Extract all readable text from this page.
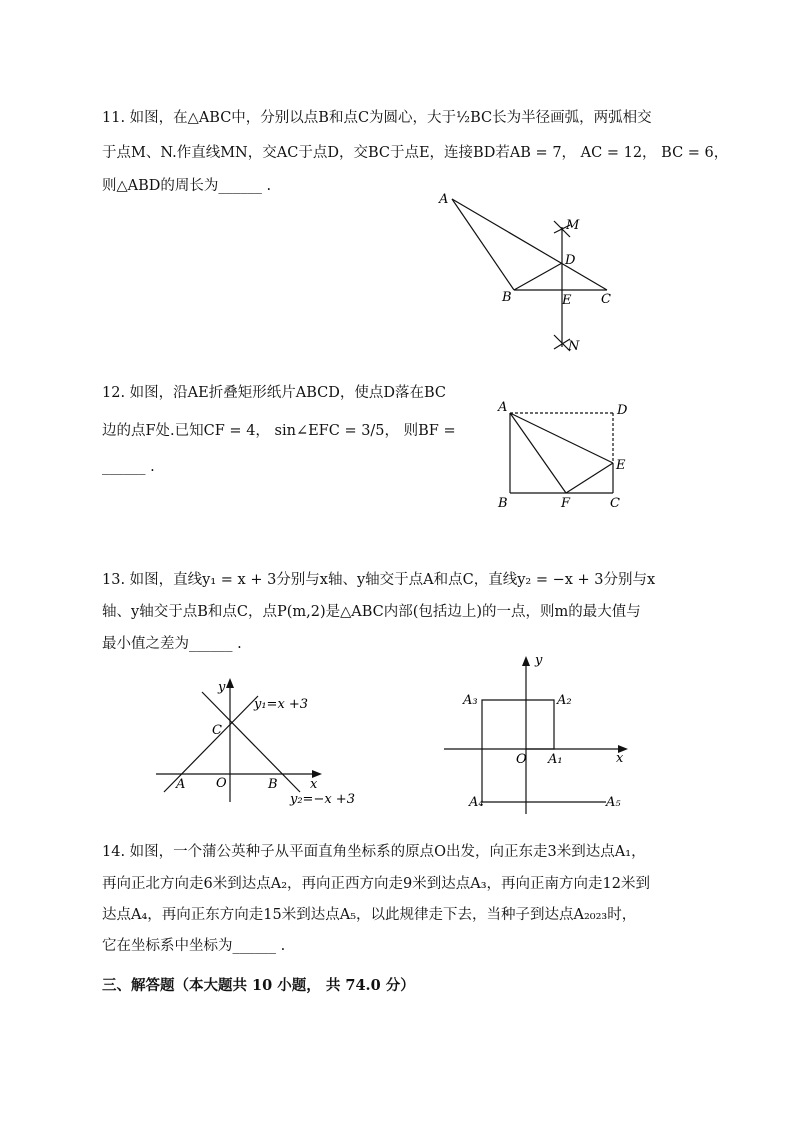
11. 如图，在△ABC中，分别以点B和点C为圆心，大于½BC长为半径画弧，两弧相交
于点M、N.作直线MN，交AC于点D，交BC于点E，连接BD若AB = 7， AC = 12， BC = 6，
则△ABD的周长为______ .
A
M
D
B	E C
N
12. 如图，沿AE折叠矩形纸片ABCD，使点D落在BC
边的点F处.已知CF = 4， sin∠EFC = 3/5， 则BF =
______ .
A	D
E
B	F	C
13. 如图，直线y₁ = x + 3分别与x轴、y轴交于点A和点C，直线y₂ = −x + 3分别与x
轴、y轴交于点B和点C，点P(m,2)是△ABC内部(包括边上)的一点，则m的最大值与
最小值之差为______ .
y
x
y₁=x +3
y₂=−x +3
C
A O	B
y
x
O A₁
A₂
A₃
A₄	A₅
14. 如图，一个蒲公英种子从平面直角坐标系的原点O出发，向正东走3米到达点A₁，
再向正北方向走6米到达点A₂，再向正西方向走9米到达点A₃，再向正南方向走12米到
达点A₄，再向正东方向走15米到达点A₅，以此规律走下去，当种子到达点A₂₀₂₃时，
它在坐标系中坐标为______ .
三、解答题（本大题共 10 小题， 共 74.0 分）
